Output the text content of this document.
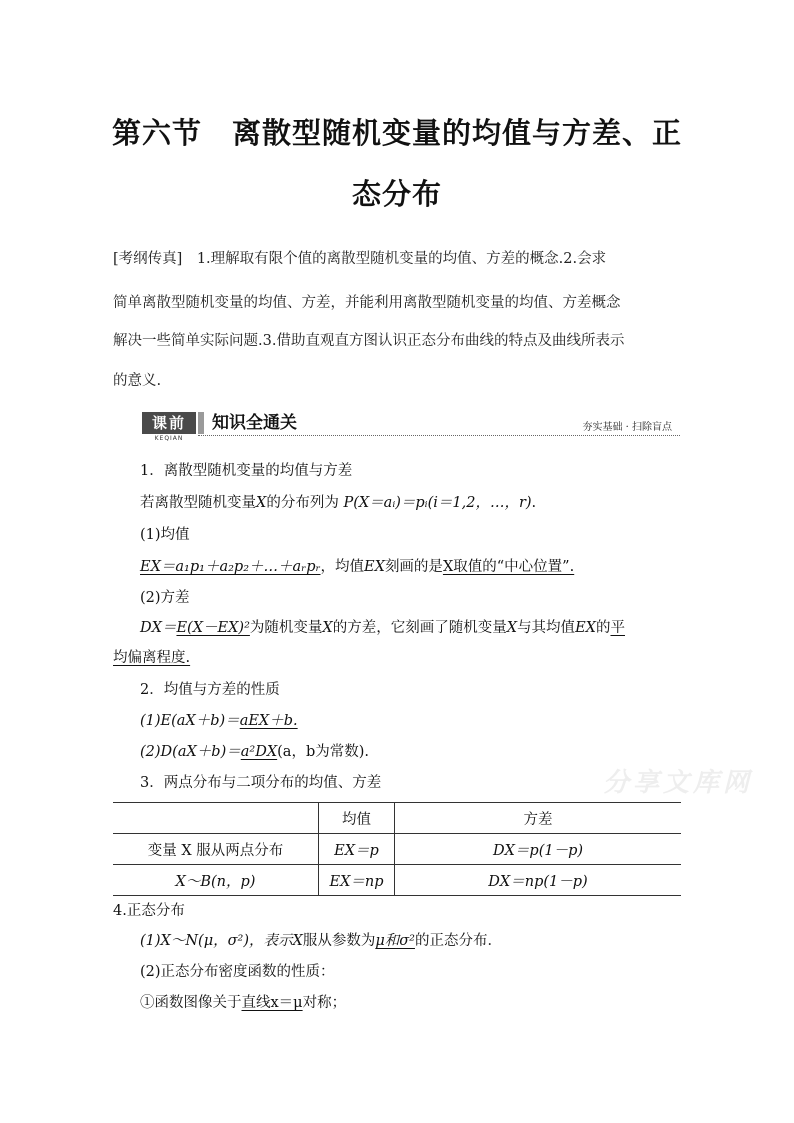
第六节　离散型随机变量的均值与方差、正
态分布
[考纲传真]　1.理解取有限个值的离散型随机变量的均值、方差的概念.2.会求
简单离散型随机变量的均值、方差，并能利用离散型随机变量的均值、方差概念
解决一些简单实际问题.3.借助直观直方图认识正态分布曲线的特点及曲线所表示
的意义.
课前
KEQIAN
知识全通关	夯实基础 · 扫除盲点
1．离散型随机变量的均值与方差
若离散型随机变量X的分布列为 P(X＝aᵢ)＝pᵢ(i＝1,2，…，r).
(1)均值
EX＝a₁p₁＋a₂p₂＋…＋aᵣpᵣ，均值EX刻画的是X取值的“中心位置”.
(2)方差
DX＝E(X－EX)²为随机变量X的方差，它刻画了随机变量X与其均值EX的平
均偏离程度.
2．均值与方差的性质
(1)E(aX＋b)＝aEX＋b.
(2)D(aX＋b)＝a²DX(a，b为常数).
3．两点分布与二项分布的均值、方差	分享文库网
	均值	方差
变量 X 服从两点分布	EX＝p	DX＝p(1－p)
X～B(n，p)	EX＝np	DX＝np(1－p)
4.正态分布
(1)X～N(μ，σ²)，表示X服从参数为μ和σ²的正态分布．
(2)正态分布密度函数的性质：
①函数图像关于直线x＝μ对称；
